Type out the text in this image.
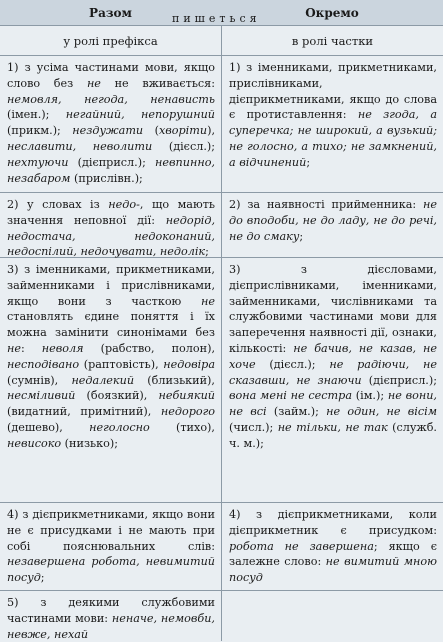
Разом	пишеться	Окремо
у ролі префікса	в ролі частки
1) з усіма частинами мови, якщо слово без не не вживається: немовля, негода, ненависть (імен.); негайний, непорушний (прикм.); нездужати (хворіти), неславити, неволити (дієсл.); нехтуючи (дієприсл.); невпинно, незабаром (прислівн.);
1) з іменниками, прикметниками, прислівниками, дієприкметниками, якщо до слова є протиставлення: не згода, а суперечка; не широкий, а вузький; не голосно, а тихо; не замкнений, а відчинений;
2) у словах із недо-, що мають значення неповної дії: недорід, недостача, недоконаний, недоспілий, недочувати, недолік;
2) за наявності прийменника: не до вподоби, не до ладу, не до речі, не до смаку;
3) з іменниками, прикметниками, займенниками і прислівниками, якщо вони з часткою не становлять єдине поняття і їх можна замінити синонімами без не: неволя (рабство, полон), несподівано (раптовість), недовіра (сумнів), недалекий (близький), несміливий (боязкий), небиякий (видатний, примітний), недорого (дешево), неголосно (тихо), невисоко (низько);
3) з дієсловами, дієприслівниками, іменниками, займенниками, числівниками та службовими частинами мови для заперечення наявності дії, ознаки, кількості: не бачив, не казав, не хоче (дієсл.); не радіючи, не сказавши, не знаючи (дієприсл.); вона мені не сестра (ім.); не вони, не всі (займ.); не один, не вісім (числ.); не тільки, не так (служб. ч. м.);
4) з дієприкметниками, якщо вони не є присудками і не мають при собі пояснювальних слів: незавершена робота, невимитий посуд;
4) з дієприкметниками, коли дієприкметник є присудком: робота не завершена; якщо є залежне слово: не вимитий мною посуд
5) з деякими службовими частинами мови: неначе, немовби, невже, нехай
